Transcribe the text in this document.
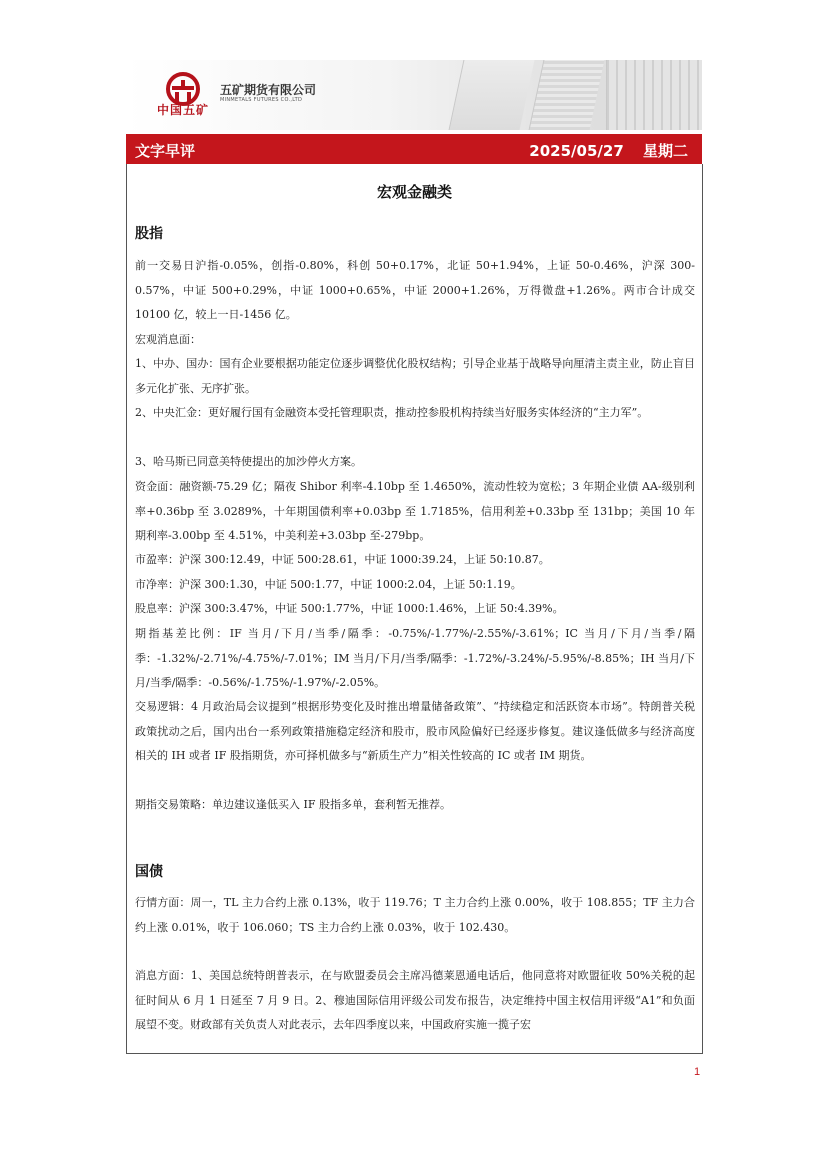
中国五矿
五矿期货有限公司
MINMETALS FUTURES CO.,LTD
文字早评	2025/05/27 星期二
宏观金融类
股指

前一交易日沪指-0.05%，创指-0.80%，科创 50+0.17%，北证 50+1.94%，上证 50-0.46%，沪深 300-0.57%，中证 500+0.29%，中证 1000+0.65%，中证 2000+1.26%，万得微盘+1.26%。两市合计成交 10100 亿，较上一日-1456 亿。

宏观消息面：

1、中办、国办：国有企业要根据功能定位逐步调整优化股权结构；引导企业基于战略导向厘清主责主业，防止盲目多元化扩张、无序扩张。

2、中央汇金：更好履行国有金融资本受托管理职责，推动控参股机构持续当好服务实体经济的“主力军”。

3、哈马斯已同意美特使提出的加沙停火方案。

资金面：融资额-75.29 亿；隔夜 Shibor 利率-4.10bp 至 1.4650%，流动性较为宽松；3 年期企业债 AA-级别利率+0.36bp 至 3.0289%，十年期国债利率+0.03bp 至 1.7185%，信用利差+0.33bp 至 131bp；美国 10 年期利率-3.00bp 至 4.51%，中美利差+3.03bp 至-279bp。

市盈率：沪深 300:12.49，中证 500:28.61，中证 1000:39.24，上证 50:10.87。

市净率：沪深 300:1.30，中证 500:1.77，中证 1000:2.04，上证 50:1.19。

股息率：沪深 300:3.47%，中证 500:1.77%，中证 1000:1.46%，上证 50:4.39%。

期指基差比例：IF 当月/下月/当季/隔季：-0.75%/-1.77%/-2.55%/-3.61%；IC 当月/下月/当季/隔季：-1.32%/-2.71%/-4.75%/-7.01%；IM 当月/下月/当季/隔季：-1.72%/-3.24%/-5.95%/-8.85%；IH 当月/下月/当季/隔季：-0.56%/-1.75%/-1.97%/-2.05%。

交易逻辑：4 月政治局会议提到“根据形势变化及时推出增量储备政策”、“持续稳定和活跃资本市场”。特朗普关税政策扰动之后，国内出台一系列政策措施稳定经济和股市，股市风险偏好已经逐步修复。建议逢低做多与经济高度相关的 IH 或者 IF 股指期货，亦可择机做多与“新质生产力”相关性较高的 IC 或者 IM 期货。

期指交易策略：单边建议逢低买入 IF 股指多单，套利暂无推荐。

国债

行情方面：周一，TL 主力合约上涨 0.13%，收于 119.76；T 主力合约上涨 0.00%，收于 108.855；TF 主力合约上涨 0.01%，收于 106.060；TS 主力合约上涨 0.03%，收于 102.430。

消息方面：1、美国总统特朗普表示，在与欧盟委员会主席冯德莱恩通电话后，他同意将对欧盟征收 50%关税的起征时间从 6 月 1 日延至 7 月 9 日。2、穆迪国际信用评级公司发布报告，决定维持中国主权信用评级“A1”和负面展望不变。财政部有关负责人对此表示，去年四季度以来，中国政府实施一揽子宏

1
